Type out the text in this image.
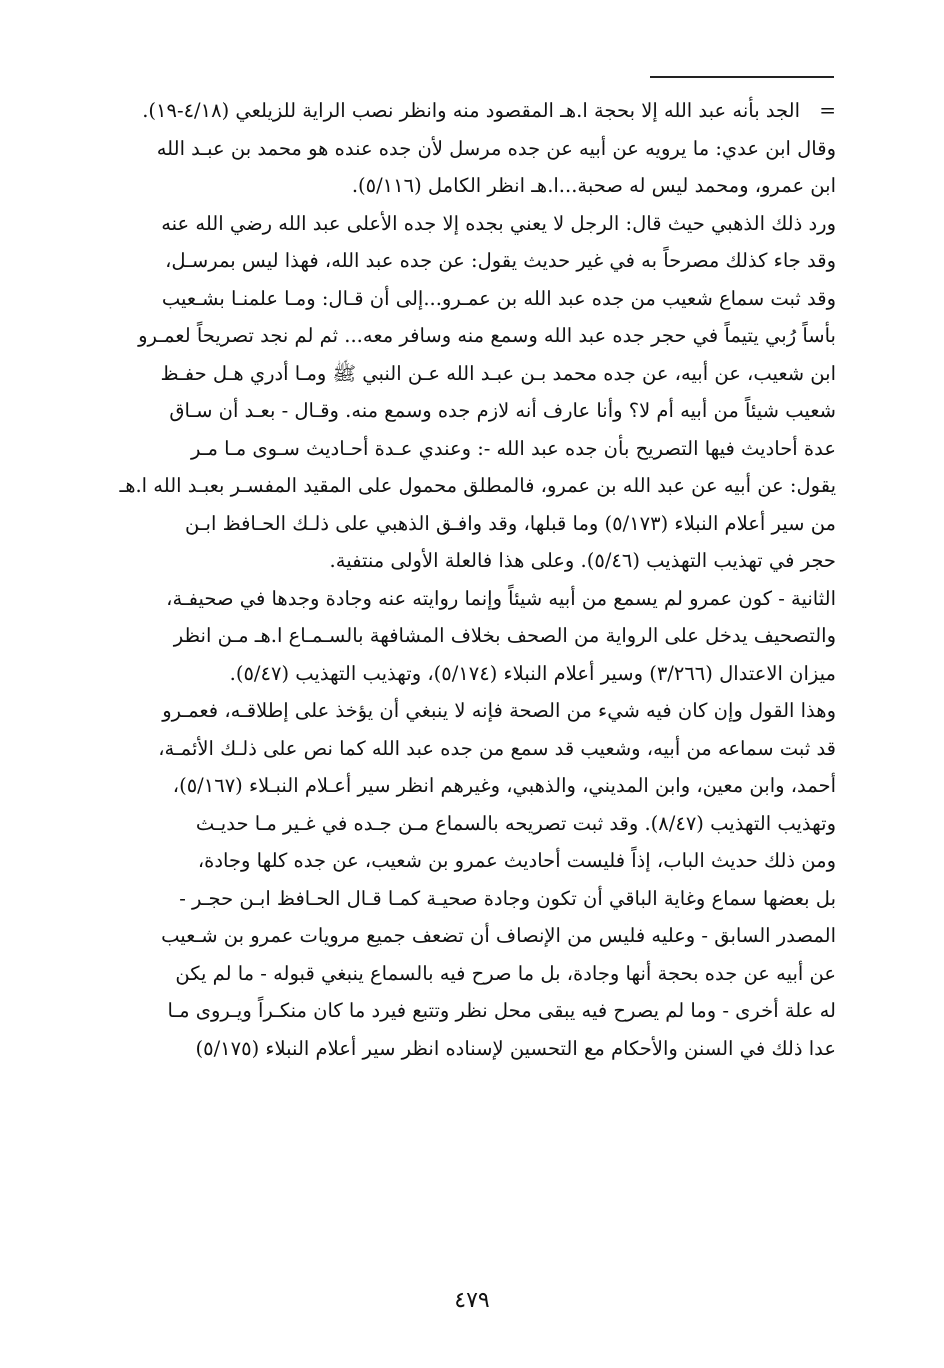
=
الجد بأنه عبد الله إلا بحجة ا.هـ المقصود منه وانظر نصب الراية للزيلعي (٤/١٨-١٩).
وقال ابن عدي: ما يرويه عن أبيه عن جده مرسل لأن جده عنده هو محمد بن عبـد الله
ابن عمرو، ومحمد ليس له صحبة...ا.هـ انظر الكامل (٥/١١٦).
ورد ذلك الذهبي حيث قال: الرجل لا يعني بجده إلا جده الأعلى عبد الله رضي الله عنه
وقد جاء كذلك مصرحاً به في غير حديث يقول: عن جده عبد الله، فهذا ليس بمرسـل،
وقد ثبت سماع شعيب من جده عبد الله بن عمـرو...إلى أن قـال: ومـا علمنـا بشـعيب
بأساً رُبي يتيماً في حجر جده عبد الله وسمع منه وسافر معه... ثم لم نجد تصريحاً لعمـرو
ابن شعيب، عن أبيه، عن جده محمد بـن عبـد الله عـن النبي ﷺ ومـا أدري هـل حفـظ
شعيب شيئاً من أبيه أم لا؟ وأنا عارف أنه لازم جده وسمع منه. وقـال - بعـد أن سـاق
عدة أحاديث فيها التصريح بأن جده عبد الله -: وعندي عـدة أحـاديث سـوى مـا مـر
يقول: عن أبيه عن عبد الله بن عمرو، فالمطلق محمول على المقيد المفسـر بعبـد الله ا.هـ
من سير أعلام النبلاء (٥/١٧٣) وما قبلها، وقد وافـق الذهبي على ذلـك الحـافظ ابـن
حجر في تهذيب التهذيب (٥/٤٦). وعلى هذا فالعلة الأولى منتفية.
الثانية - كون عمرو لم يسمع من أبيه شيئاً وإنما روايته عنه وجادة وجدها في صحيفـة،
والتصحيف يدخل على الرواية من الصحف بخلاف المشافهة بالسـمـاع ا.هـ مـن انظر
ميزان الاعتدال (٣/٢٦٦) وسير أعلام النبلاء (٥/١٧٤)، وتهذيب التهذيب (٥/٤٧).
وهذا القول وإن كان فيه شيء من الصحة فإنه لا ينبغي أن يؤخذ على إطلاقـه، فعمـرو
قد ثبت سماعه من أبيه، وشعيب قد سمع من جده عبد الله كما نص على ذلـك الأئمـة،
أحمد، وابن معين، وابن المديني، والذهبي، وغيرهم انظر سير أعـلام النبـلاء (٥/١٦٧)،
وتهذيب التهذيب (٨/٤٧). وقد ثبت تصريحه بالسماع مـن جـده في غـير مـا حديـث
ومن ذلك حديث الباب، إذاً فليست أحاديث عمرو بن شعيب، عن جده كلها وجادة،
بل بعضها سماع وغاية الباقي أن تكون وجادة صحيـة كمـا قـال الحـافظ ابـن حجـر -
المصدر السابق - وعليه فليس من الإنصاف أن تضعف جميع مرويات عمرو بن شـعيب
عن أبيه عن جده بحجة أنها وجادة، بل ما صرح فيه بالسماع ينبغي قبوله - ما لم يكن
له علة أخرى - وما لم يصرح فيه يبقى محل نظر وتتبع فيرد ما كان منكـراً ويـروى مـا
عدا ذلك في السنن والأحكام مع التحسين لإسناده انظر سير أعلام النبلاء (٥/١٧٥)
٤٧٩
